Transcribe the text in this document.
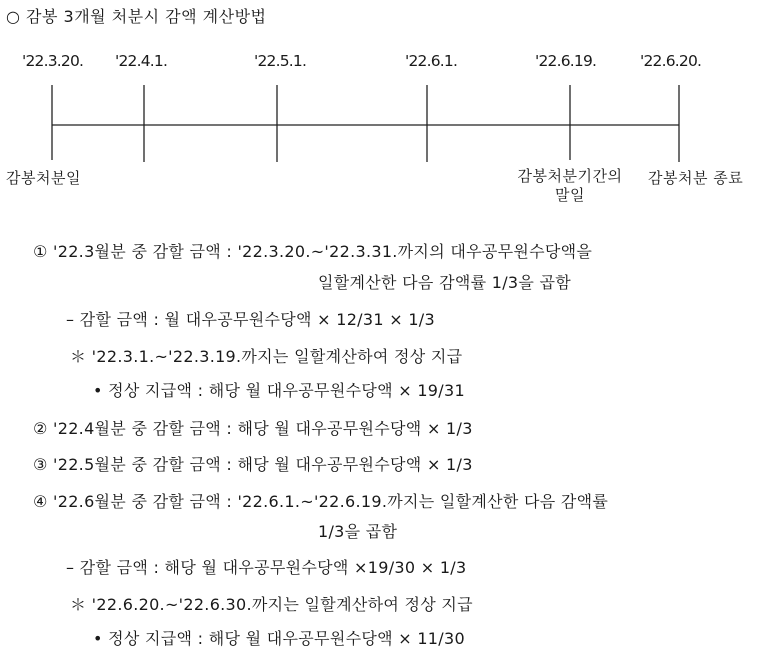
○ 감봉 3개월 처분시 감액 계산방법
'22.3.20. '22.4.1.	'22.5.1.	'22.6.1.	'22.6.19.	'22.6.20.
감봉처분일	감봉처분기간의
말일
감봉처분 종료
① '22.3월분 중 감할 금액 : '22.3.20.~'22.3.31.까지의 대우공무원수당액을
일할계산한 다음 감액률 1/3을 곱함
– 감할 금액 : 월 대우공무원수당액 × 12/31 × 1/3
＊ '22.3.1.~'22.3.19.까지는 일할계산하여 정상 지급
• 정상 지급액 : 해당 월 대우공무원수당액 × 19/31
② '22.4월분 중 감할 금액 : 해당 월 대우공무원수당액 × 1/3
③ '22.5월분 중 감할 금액 : 해당 월 대우공무원수당액 × 1/3
④ '22.6월분 중 감할 금액 : '22.6.1.~'22.6.19.까지는 일할계산한 다음 감액률
1/3을 곱함
– 감할 금액 : 해당 월 대우공무원수당액 ×19/30 × 1/3
＊ '22.6.20.~'22.6.30.까지는 일할계산하여 정상 지급
• 정상 지급액 : 해당 월 대우공무원수당액 × 11/30
